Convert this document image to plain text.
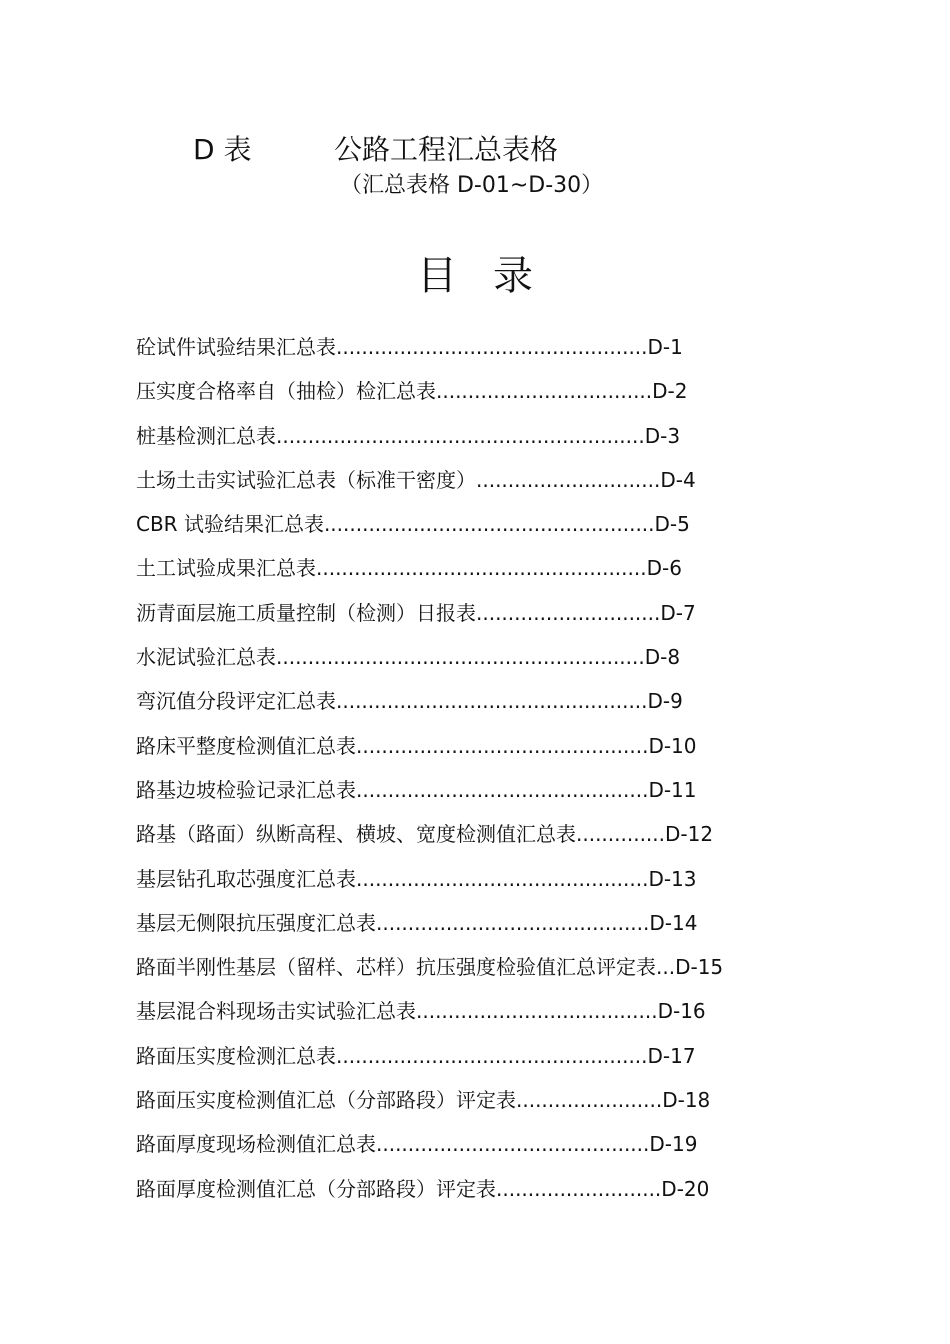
D 表	公路工程汇总表格
（汇总表格 D-01~D-30）
目录
砼试件试验结果汇总表.................................................D-1
压实度合格率自（抽检）检汇总表..................................D-2
桩基检测汇总表..........................................................D-3
土场土击实试验汇总表（标准干密度）.............................D-4
CBR 试验结果汇总表....................................................D-5
土工试验成果汇总表....................................................D-6
沥青面层施工质量控制（检测）日报表.............................D-7
水泥试验汇总表..........................................................D-8
弯沉值分段评定汇总表.................................................D-9
路床平整度检测值汇总表..............................................D-10
路基边坡检验记录汇总表..............................................D-11
路基（路面）纵断高程、横坡、宽度检测值汇总表..............D-12
基层钻孔取芯强度汇总表..............................................D-13
基层无侧限抗压强度汇总表...........................................D-14
路面半刚性基层（留样、芯样）抗压强度检验值汇总评定表...D-15
基层混合料现场击实试验汇总表......................................D-16
路面压实度检测汇总表.................................................D-17
路面压实度检测值汇总（分部路段）评定表.......................D-18
路面厚度现场检测值汇总表...........................................D-19
路面厚度检测值汇总（分部路段）评定表..........................D-20
